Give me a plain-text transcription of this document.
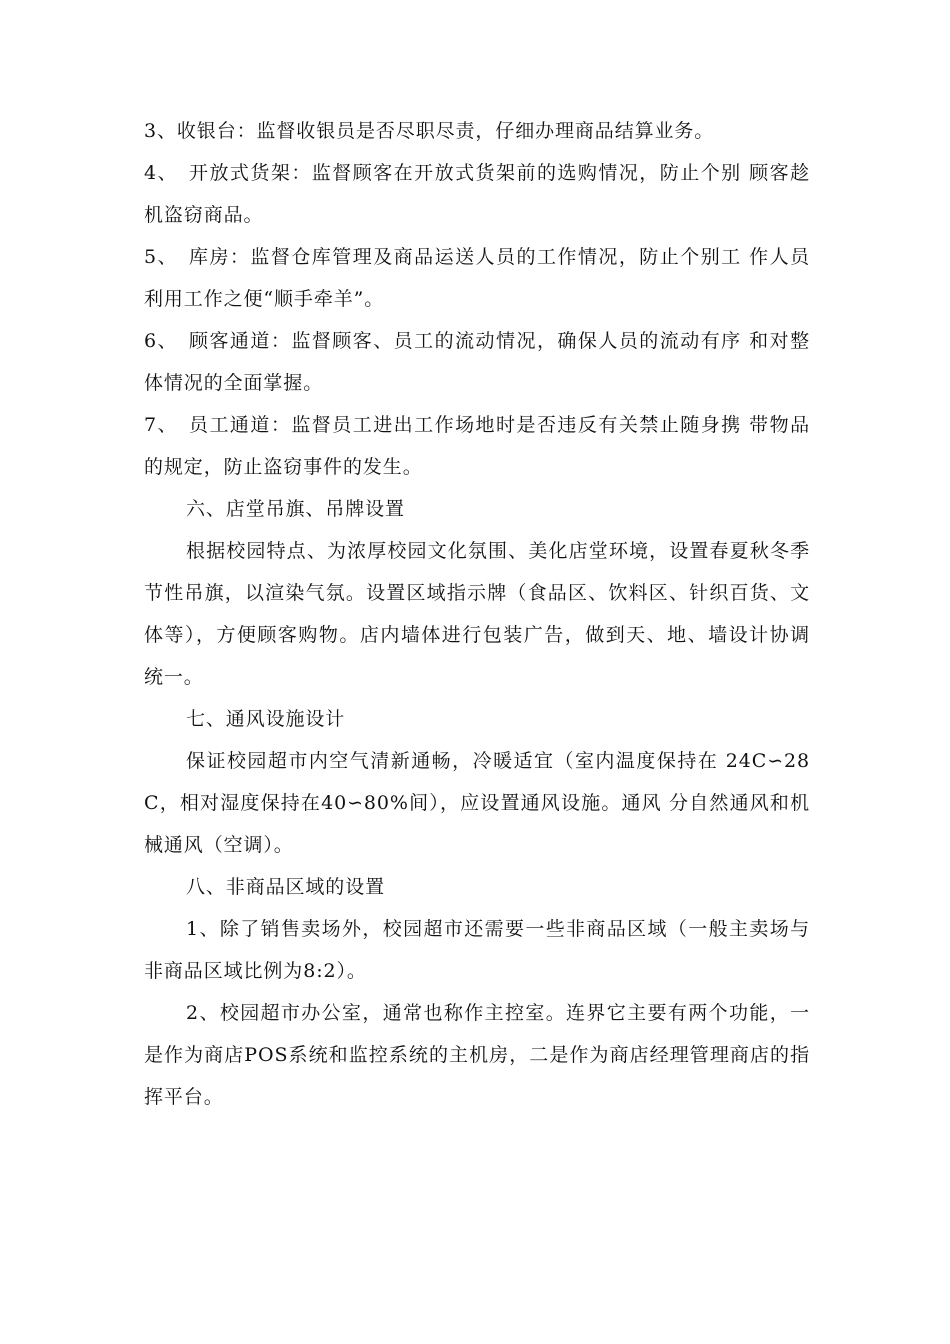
3、收银台：监督收银员是否尽职尽责，仔细办理商品结算业务。

4、　开放式货架：监督顾客在开放式货架前的选购情况，防止个别 顾客趁机盗窃商品。

5、　库房：监督仓库管理及商品运送人员的工作情况，防止个别工 作人员利用工作之便“顺手牵羊”。

6、　顾客通道：监督顾客、员工的流动情况，确保人员的流动有序 和对整体情况的全面掌握。

7、　员工通道：监督员工进出工作场地时是否违反有关禁止随身携 带物品的规定，防止盗窃事件的发生。

六、店堂吊旗、吊牌设置

根据校园特点、为浓厚校园文化氛围、美化店堂环境，设置春夏秋冬季节性吊旗，以渲染气氛。设置区域指示牌（食品区、饮料区、针织百货、文体等），方便顾客购物。店内墙体进行包装广告，做到天、地、墙设计协调统一。

七、通风设施设计

保证校园超市内空气清新通畅，冷暖适宜（室内温度保持在 24C∽28C，相对湿度保持在40∽80%间），应设置通风设施。通风 分自然通风和机械通风（空调）。

八、非商品区域的设置

1、除了销售卖场外，校园超市还需要一些非商品区域（一般主卖场与非商品区域比例为8:2）。

2、校园超市办公室，通常也称作主控室。连界它主要有两个功能，一是作为商店POS系统和监控系统的主机房，二是作为商店经理管理商店的指挥平台。
